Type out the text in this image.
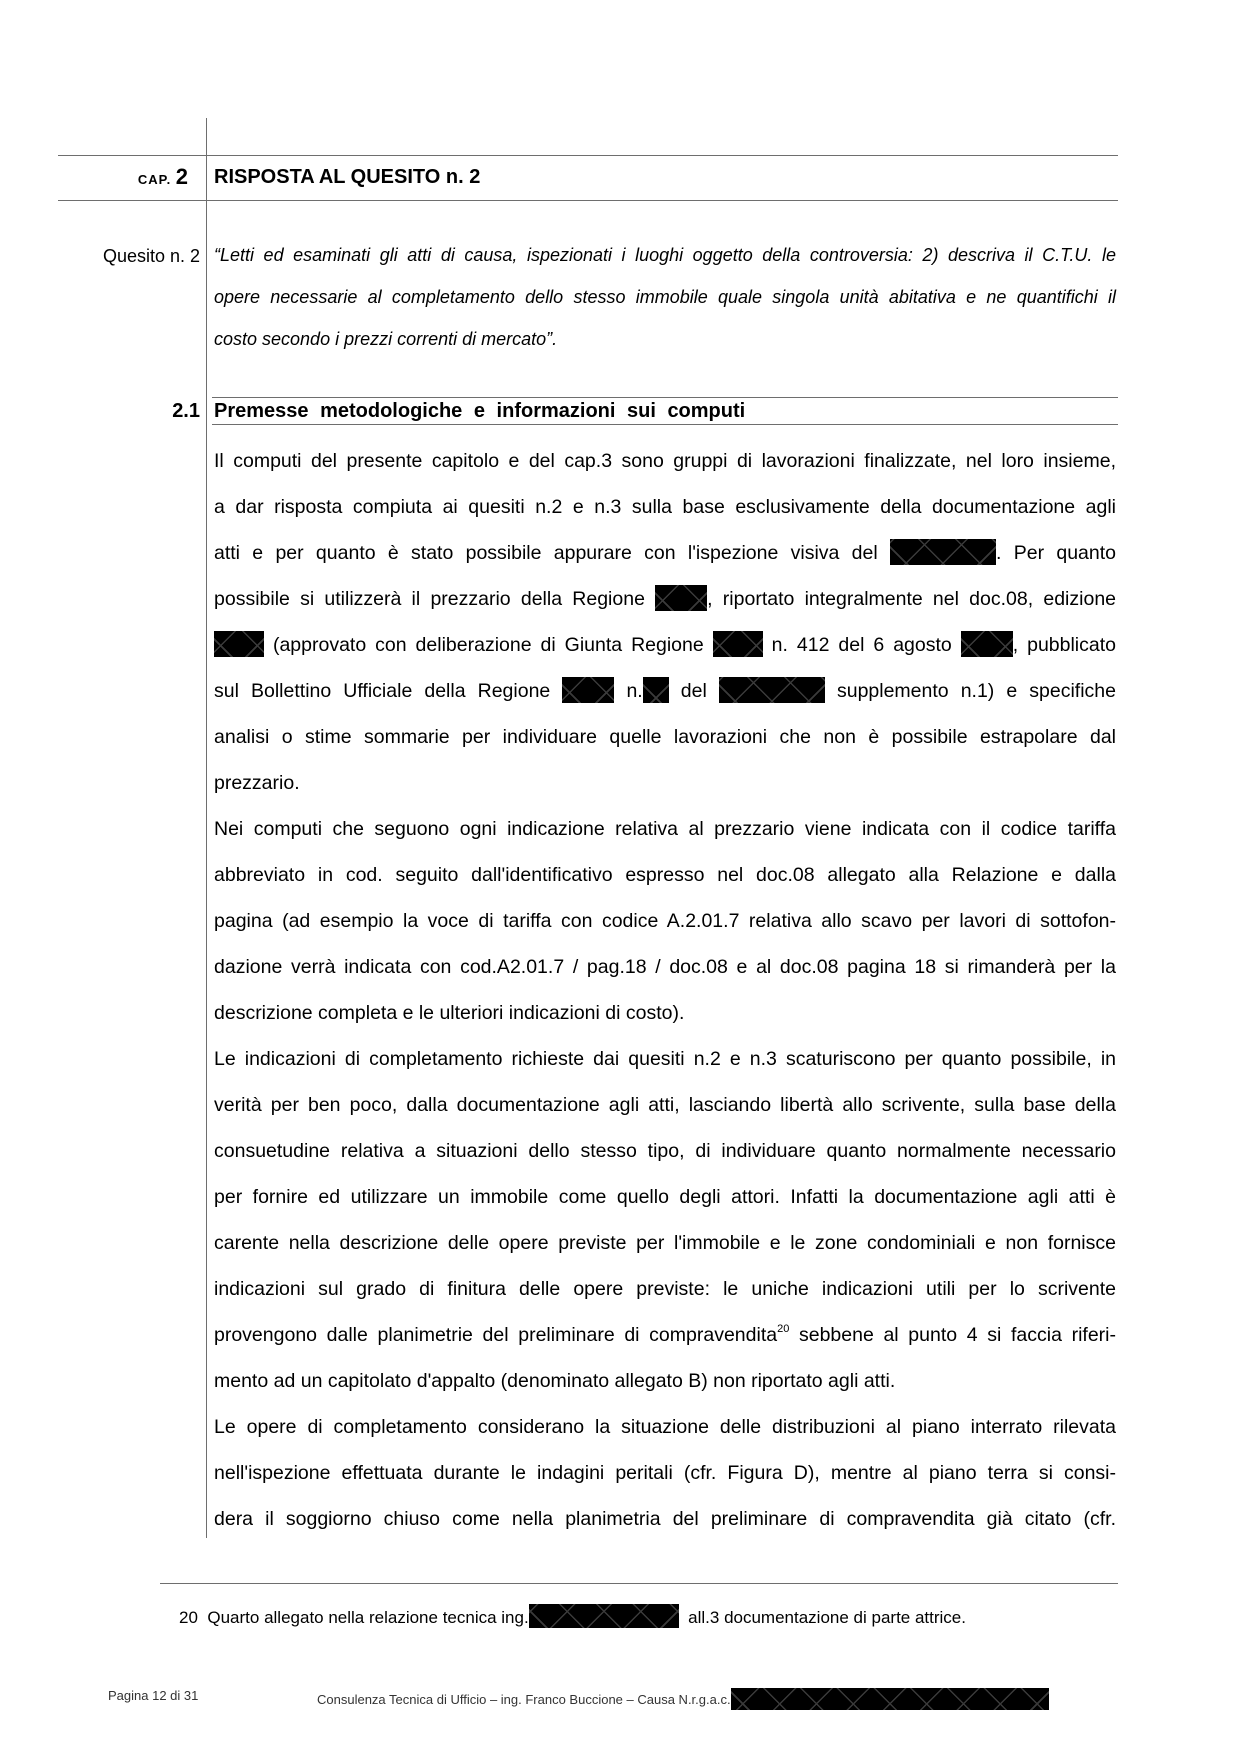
CAP. 2 RISPOSTA AL QUESITO n. 2
Quesito n. 2 “Letti ed esaminati gli atti di causa, ispezionati i luoghi oggetto della controversia: 2) descriva il C.T.U. le
opere necessarie al completamento dello stesso immobile quale singola unità abitativa e ne quantifichi il
costo secondo i prezzi correnti di mercato”.
2.1 Premesse metodologiche e informazioni sui computi
Il computi del presente capitolo e del cap.3 sono gruppi di lavorazioni finalizzate, nel loro insieme,
a dar risposta compiuta ai quesiti n.2 e n.3 sulla base esclusivamente della documentazione agli
atti e per quanto è stato possibile appurare con l'ispezione visiva del	. Per quanto
possibile si utilizzerà il prezzario della Regione	, riportato integralmente nel doc.08, edizione
(approvato con deliberazione di Giunta Regione	n. 412 del 6 agosto	, pubblicato
sul Bollettino Ufficiale della Regione	n. del	supplemento n.1) e specifiche
analisi o stime sommarie per individuare quelle lavorazioni che non è possibile estrapolare dal
prezzario.
Nei computi che seguono ogni indicazione relativa al prezzario viene indicata con il codice tariffa
abbreviato in cod. seguito dall'identificativo espresso nel doc.08 allegato alla Relazione e dalla
pagina (ad esempio la voce di tariffa con codice A.2.01.7 relativa allo scavo per lavori di sottofon-
dazione verrà indicata con cod.A2.01.7 / pag.18 / doc.08 e al doc.08 pagina 18 si rimanderà per la
descrizione completa e le ulteriori indicazioni di costo).
Le indicazioni di completamento richieste dai quesiti n.2 e n.3 scaturiscono per quanto possibile, in
verità per ben poco, dalla documentazione agli atti, lasciando libertà allo scrivente, sulla base della
consuetudine relativa a situazioni dello stesso tipo, di individuare quanto normalmente necessario
per fornire ed utilizzare un immobile come quello degli attori. Infatti la documentazione agli atti è
carente nella descrizione delle opere previste per l'immobile e le zone condominiali e non fornisce
indicazioni sul grado di finitura delle opere previste: le uniche indicazioni utili per lo scrivente
provengono dalle planimetrie del preliminare di compravendita$^{20}$ sebbene al punto 4 si faccia riferi-
mento ad un capitolato d'appalto (denominato allegato B) non riportato agli atti.
Le opere di completamento considerano la situazione delle distribuzioni al piano interrato rilevata
nell'ispezione effettuata durante le indagini peritali (cfr. Figura D), mentre al piano terra si consi-
dera il soggiorno chiuso come nella planimetria del preliminare di compravendita già citato (cfr.
20 Quarto allegato nella relazione tecnica ing.	all.3 documentazione di parte attrice.
Pagina 12 di 31	Consulenza Tecnica di Ufficio – ing. Franco Buccione – Causa N.r.g.a.c.
